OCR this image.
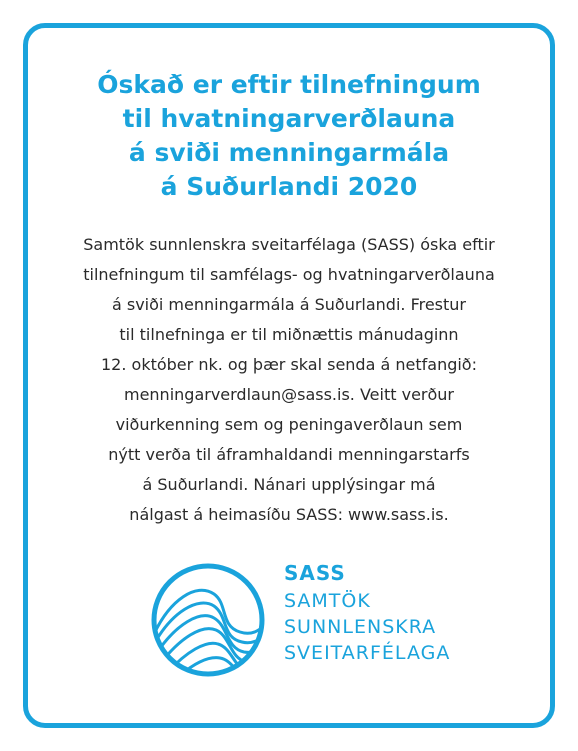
Óskað er eftir tilnefningum
til hvatningarverðlauna
á sviði menningarmála
á Suðurlandi 2020
Samtök sunnlenskra sveitarfélaga (SASS) óska eftir
tilnefningum til samfélags- og hvatningarverðlauna
á sviði menningarmála á Suðurlandi. Frestur
til tilnefninga er til miðnættis mánudaginn
12. október nk. og þær skal senda á netfangið:
menningarverdlaun@sass.is. Veitt verður
viðurkenning sem og peningaverðlaun sem
nýtt verða til áframhaldandi menningarstarfs
á Suðurlandi. Nánari upplýsingar má
nálgast á heimasíðu SASS: www.sass.is.
SASS
SAMTÖK
SUNNLENSKRA
SVEITARFÉLAGA
